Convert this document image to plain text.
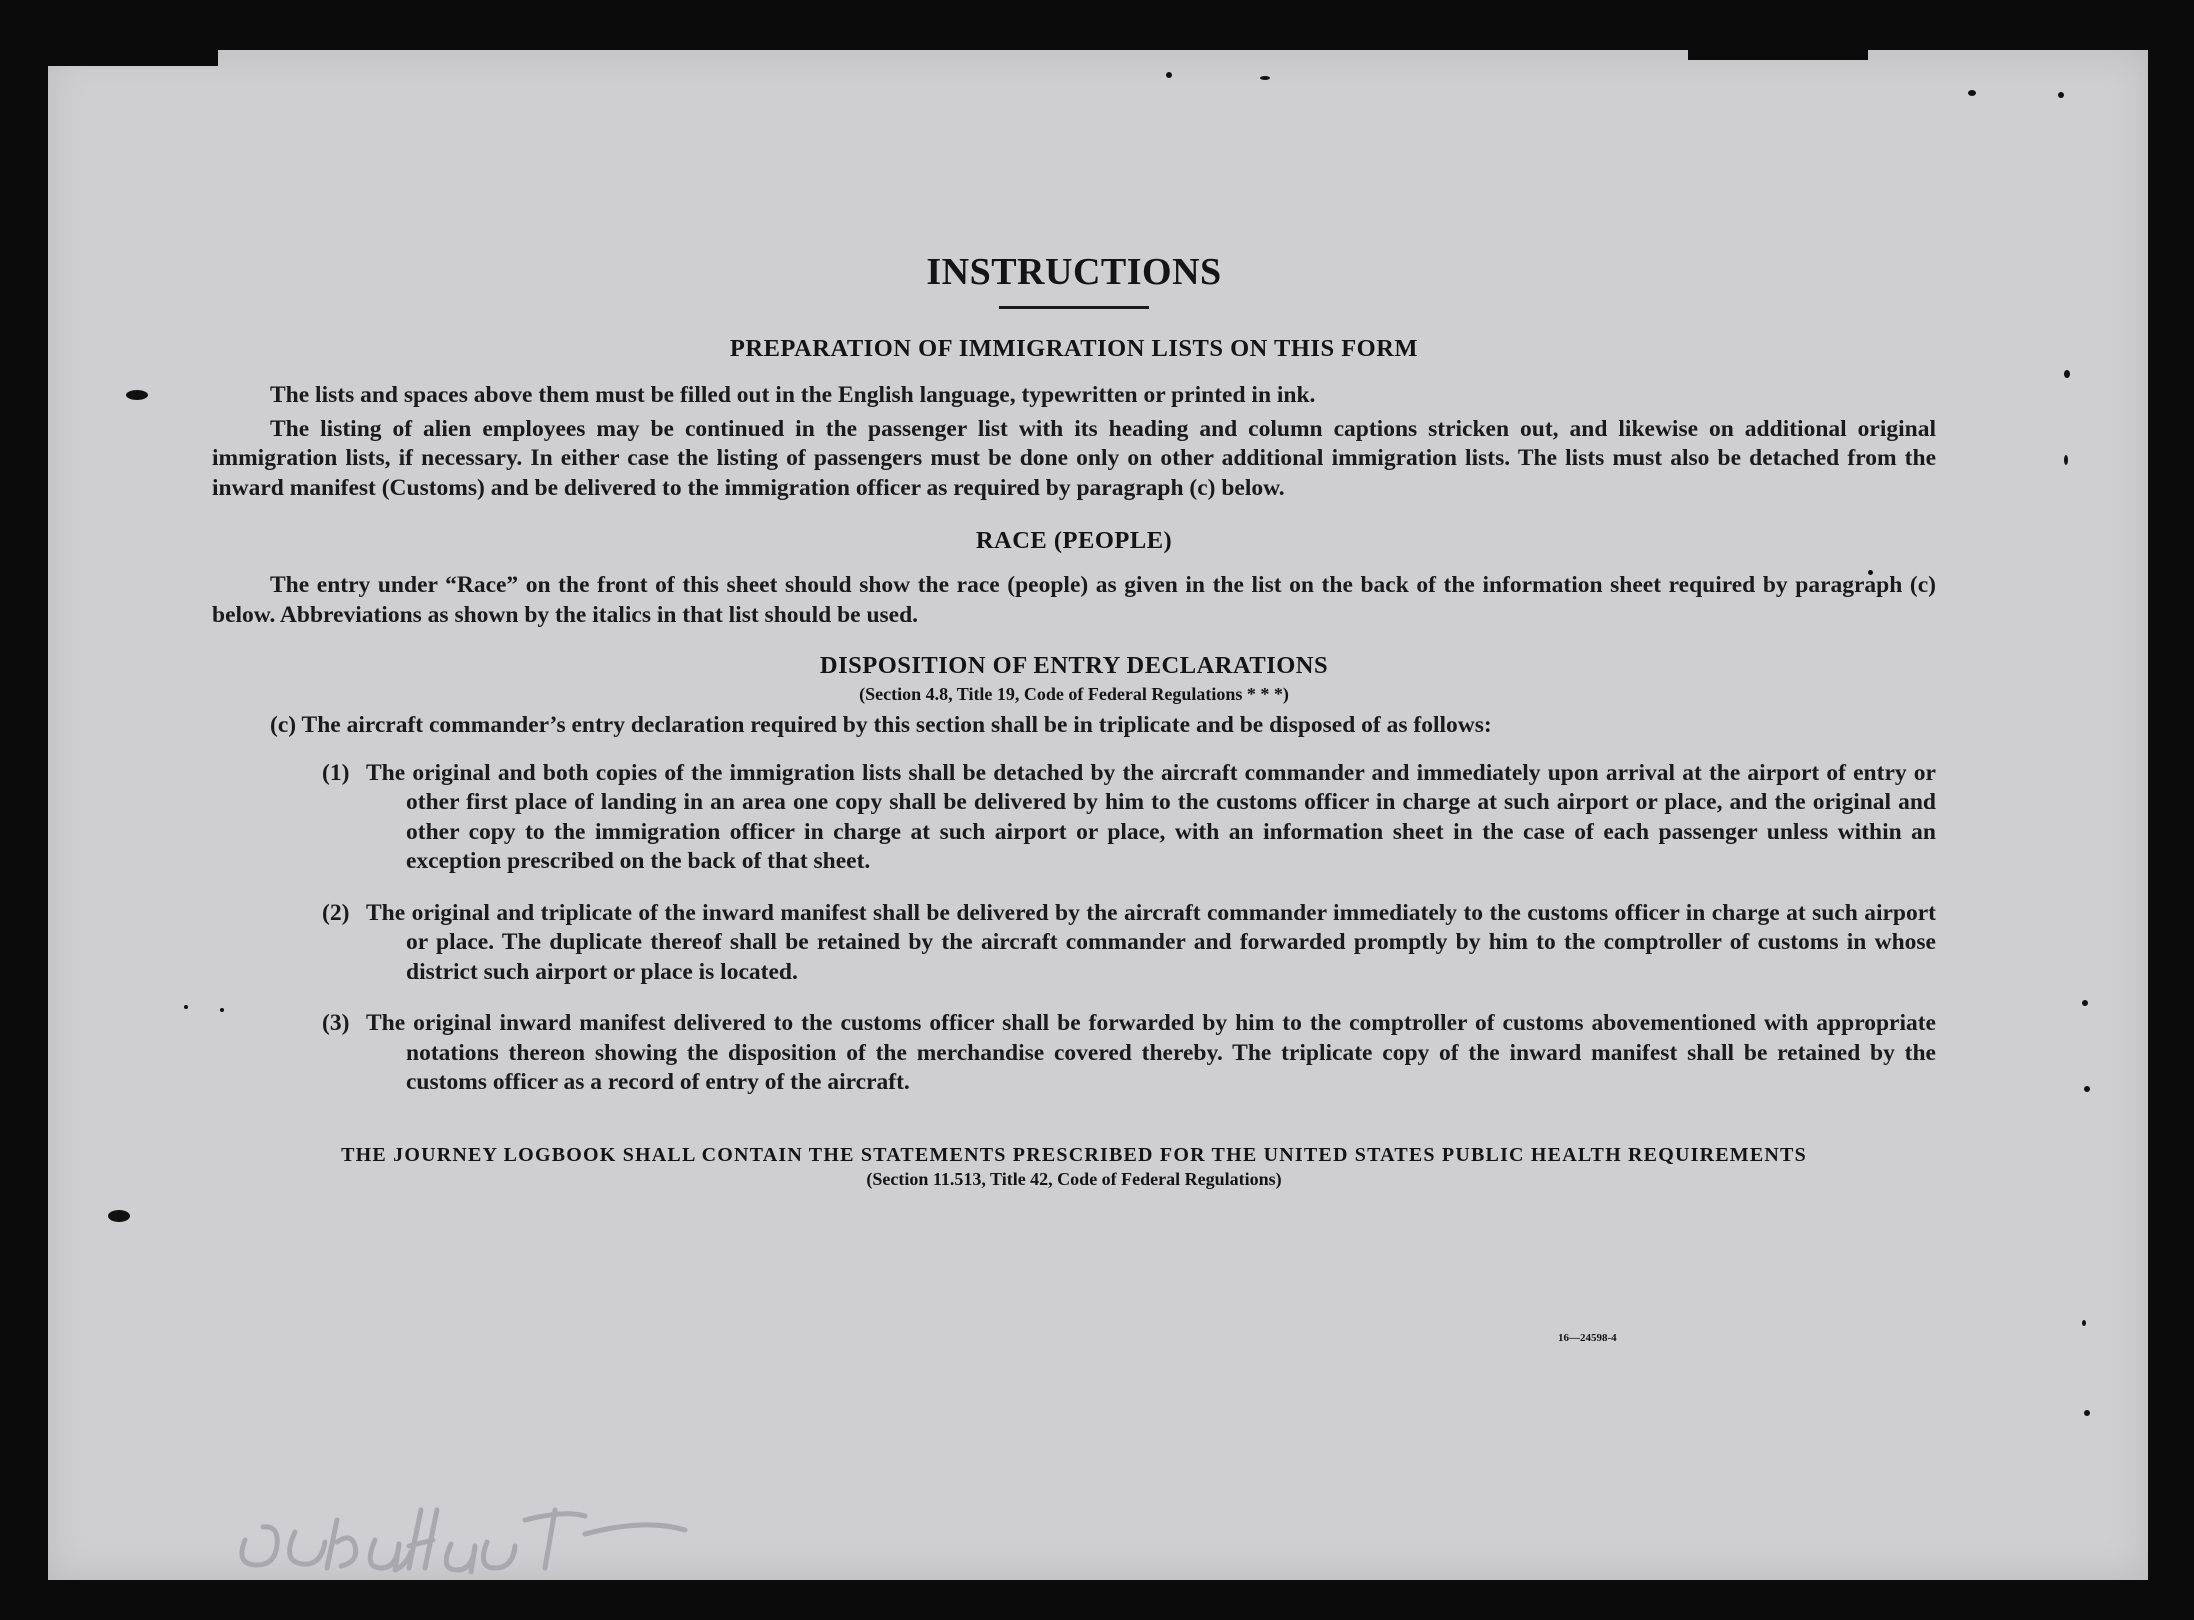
INSTRUCTIONS
PREPARATION OF IMMIGRATION LISTS ON THIS FORM

The lists and spaces above them must be filled out in the English language, typewritten or printed in ink.

The listing of alien employees may be continued in the passenger list with its heading and column captions stricken out, and likewise on additional original immigration lists, if necessary. In either case the listing of passengers must be done only on other additional immigration lists. The lists must also be detached from the inward manifest (Customs) and be delivered to the immigration officer as required by paragraph (c) below.

RACE (PEOPLE)

The entry under “Race” on the front of this sheet should show the race (people) as given in the list on the back of the information sheet required by paragraph (c) below. Abbreviations as shown by the italics in that list should be used.

DISPOSITION OF ENTRY DECLARATIONS
(Section 4.8, Title 19, Code of Federal Regulations * * *)

(c) The aircraft commander’s entry declaration required by this section shall be in triplicate and be disposed of as follows:

(1) The original and both copies of the immigration lists shall be detached by the aircraft commander and immediately upon arrival at the airport of entry or other first place of landing in an area one copy shall be delivered by him to the customs officer in charge at such airport or place, and the original and other copy to the immigration officer in charge at such airport or place, with an information sheet in the case of each passenger unless within an exception prescribed on the back of that sheet.
(2) The original and triplicate of the inward manifest shall be delivered by the aircraft commander immediately to the customs officer in charge at such airport or place. The duplicate thereof shall be retained by the aircraft commander and forwarded promptly by him to the comptroller of customs in whose district such airport or place is located.
(3) The original inward manifest delivered to the customs officer shall be forwarded by him to the comptroller of customs abovementioned with appropriate notations thereon showing the disposition of the merchandise covered thereby. The triplicate copy of the inward manifest shall be retained by the customs officer as a record of entry of the aircraft.
THE JOURNEY LOGBOOK SHALL CONTAIN THE STATEMENTS PRESCRIBED FOR THE UNITED STATES PUBLIC HEALTH REQUIREMENTS
(Section 11.513, Title 42, Code of Federal Regulations)
16—24598-4
